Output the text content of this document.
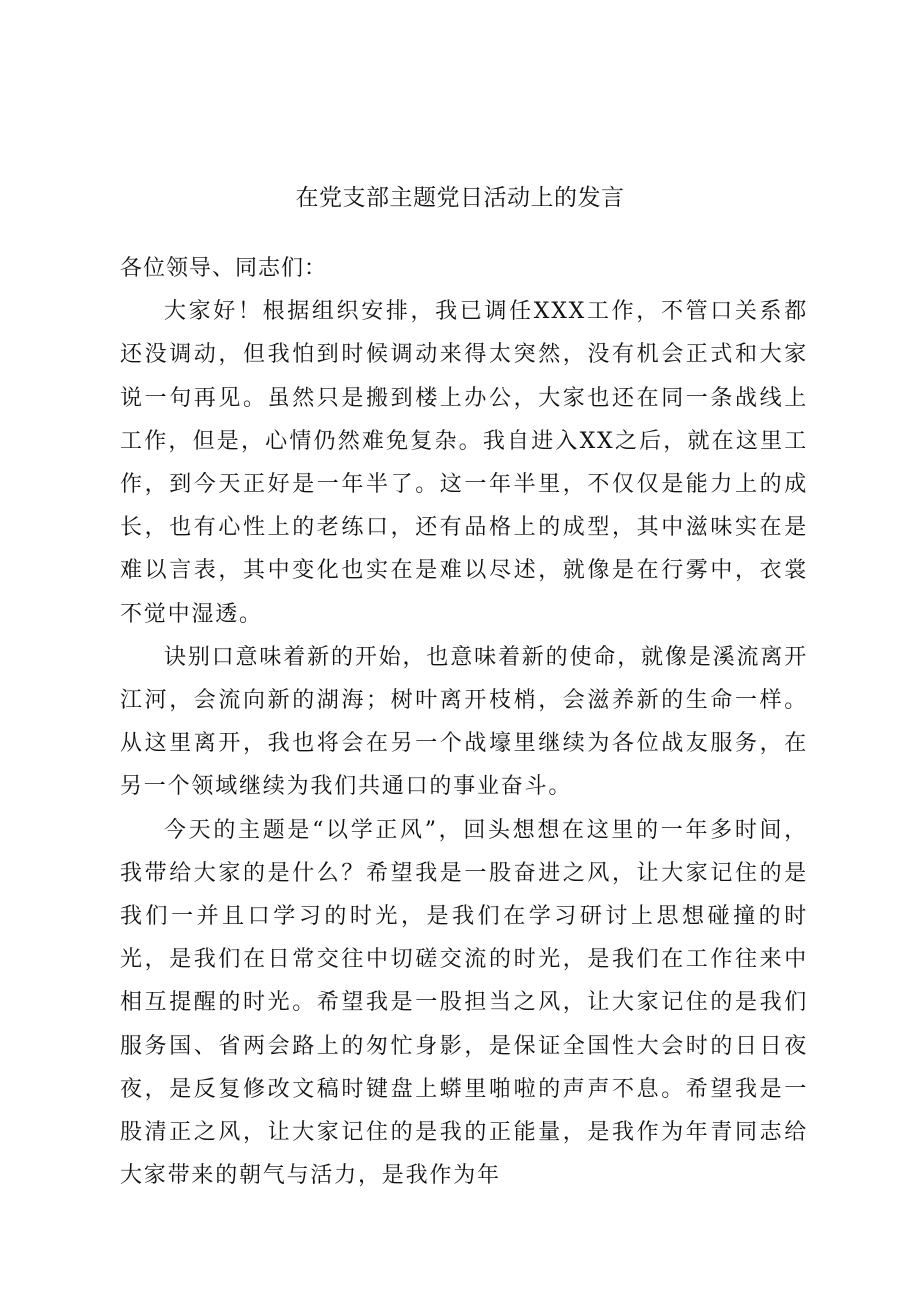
在党支部主题党日活动上的发言

各位领导、同志们：

大家好！根据组织安排，我已调任XXX工作，不管口关系都还没调动，但我怕到时候调动来得太突然，没有机会正式和大家说一句再见。虽然只是搬到楼上办公，大家也还在同一条战线上工作，但是，心情仍然难免复杂。我自进入XX之后，就在这里工作，到今天正好是一年半了。这一年半里，不仅仅是能力上的成长，也有心性上的老练口，还有品格上的成型，其中滋味实在是难以言表，其中变化也实在是难以尽述，就像是在行雾中，衣裳不觉中湿透。

诀别口意味着新的开始，也意味着新的使命，就像是溪流离开江河，会流向新的湖海；树叶离开枝梢，会滋养新的生命一样。从这里离开，我也将会在另一个战壕里继续为各位战友服务，在另一个领域继续为我们共通口的事业奋斗。

今天的主题是“以学正风”，回头想想在这里的一年多时间，我带给大家的是什么？希望我是一股奋进之风，让大家记住的是我们一并且口学习的时光，是我们在学习研讨上思想碰撞的时光，是我们在日常交往中切磋交流的时光，是我们在工作往来中相互提醒的时光。希望我是一股担当之风，让大家记住的是我们服务国、省两会路上的匆忙身影，是保证全国性大会时的日日夜夜，是反复修改文稿时键盘上蟒里啪啦的声声不息。希望我是一股清正之风，让大家记住的是我的正能量，是我作为年青同志给大家带来的朝气与活力，是我作为年
